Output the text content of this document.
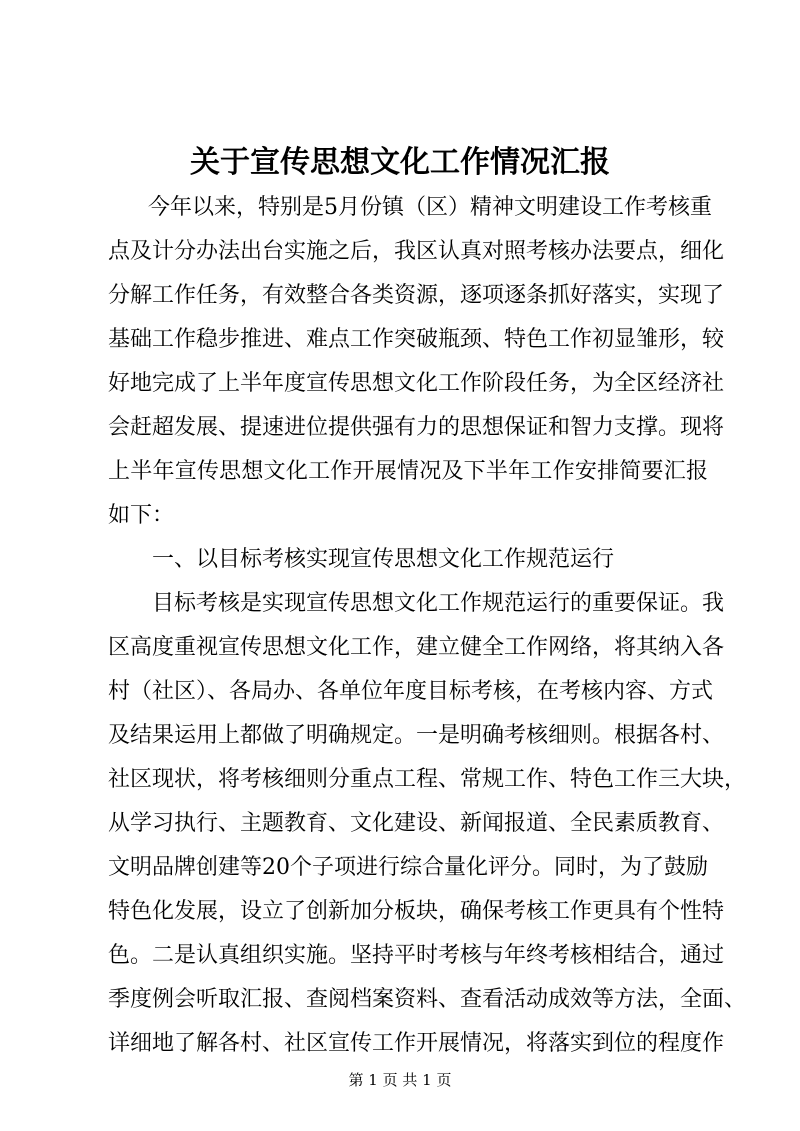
关于宣传思想文化工作情况汇报

今年以来，特别是5月份镇（区）精神文明建设工作考核重

点及计分办法出台实施之后，我区认真对照考核办法要点，细化

分解工作任务，有效整合各类资源，逐项逐条抓好落实，实现了

基础工作稳步推进、难点工作突破瓶颈、特色工作初显雏形，较

好地完成了上半年度宣传思想文化工作阶段任务，为全区经济社

会赶超发展、提速进位提供强有力的思想保证和智力支撑。现将

上半年宣传思想文化工作开展情况及下半年工作安排简要汇报

如下：

一、以目标考核实现宣传思想文化工作规范运行

目标考核是实现宣传思想文化工作规范运行的重要保证。我

区高度重视宣传思想文化工作，建立健全工作网络，将其纳入各

村（社区）、各局办、各单位年度目标考核，在考核内容、方式

及结果运用上都做了明确规定。一是明确考核细则。根据各村、

社区现状，将考核细则分重点工程、常规工作、特色工作三大块，

从学习执行、主题教育、文化建设、新闻报道、全民素质教育、

文明品牌创建等20个子项进行综合量化评分。同时，为了鼓励

特色化发展，设立了创新加分板块，确保考核工作更具有个性特

色。二是认真组织实施。坚持平时考核与年终考核相结合，通过

季度例会听取汇报、查阅档案资料、查看活动成效等方法，全面、

详细地了解各村、社区宣传工作开展情况，将落实到位的程度作

第 1 页 共 1 页
